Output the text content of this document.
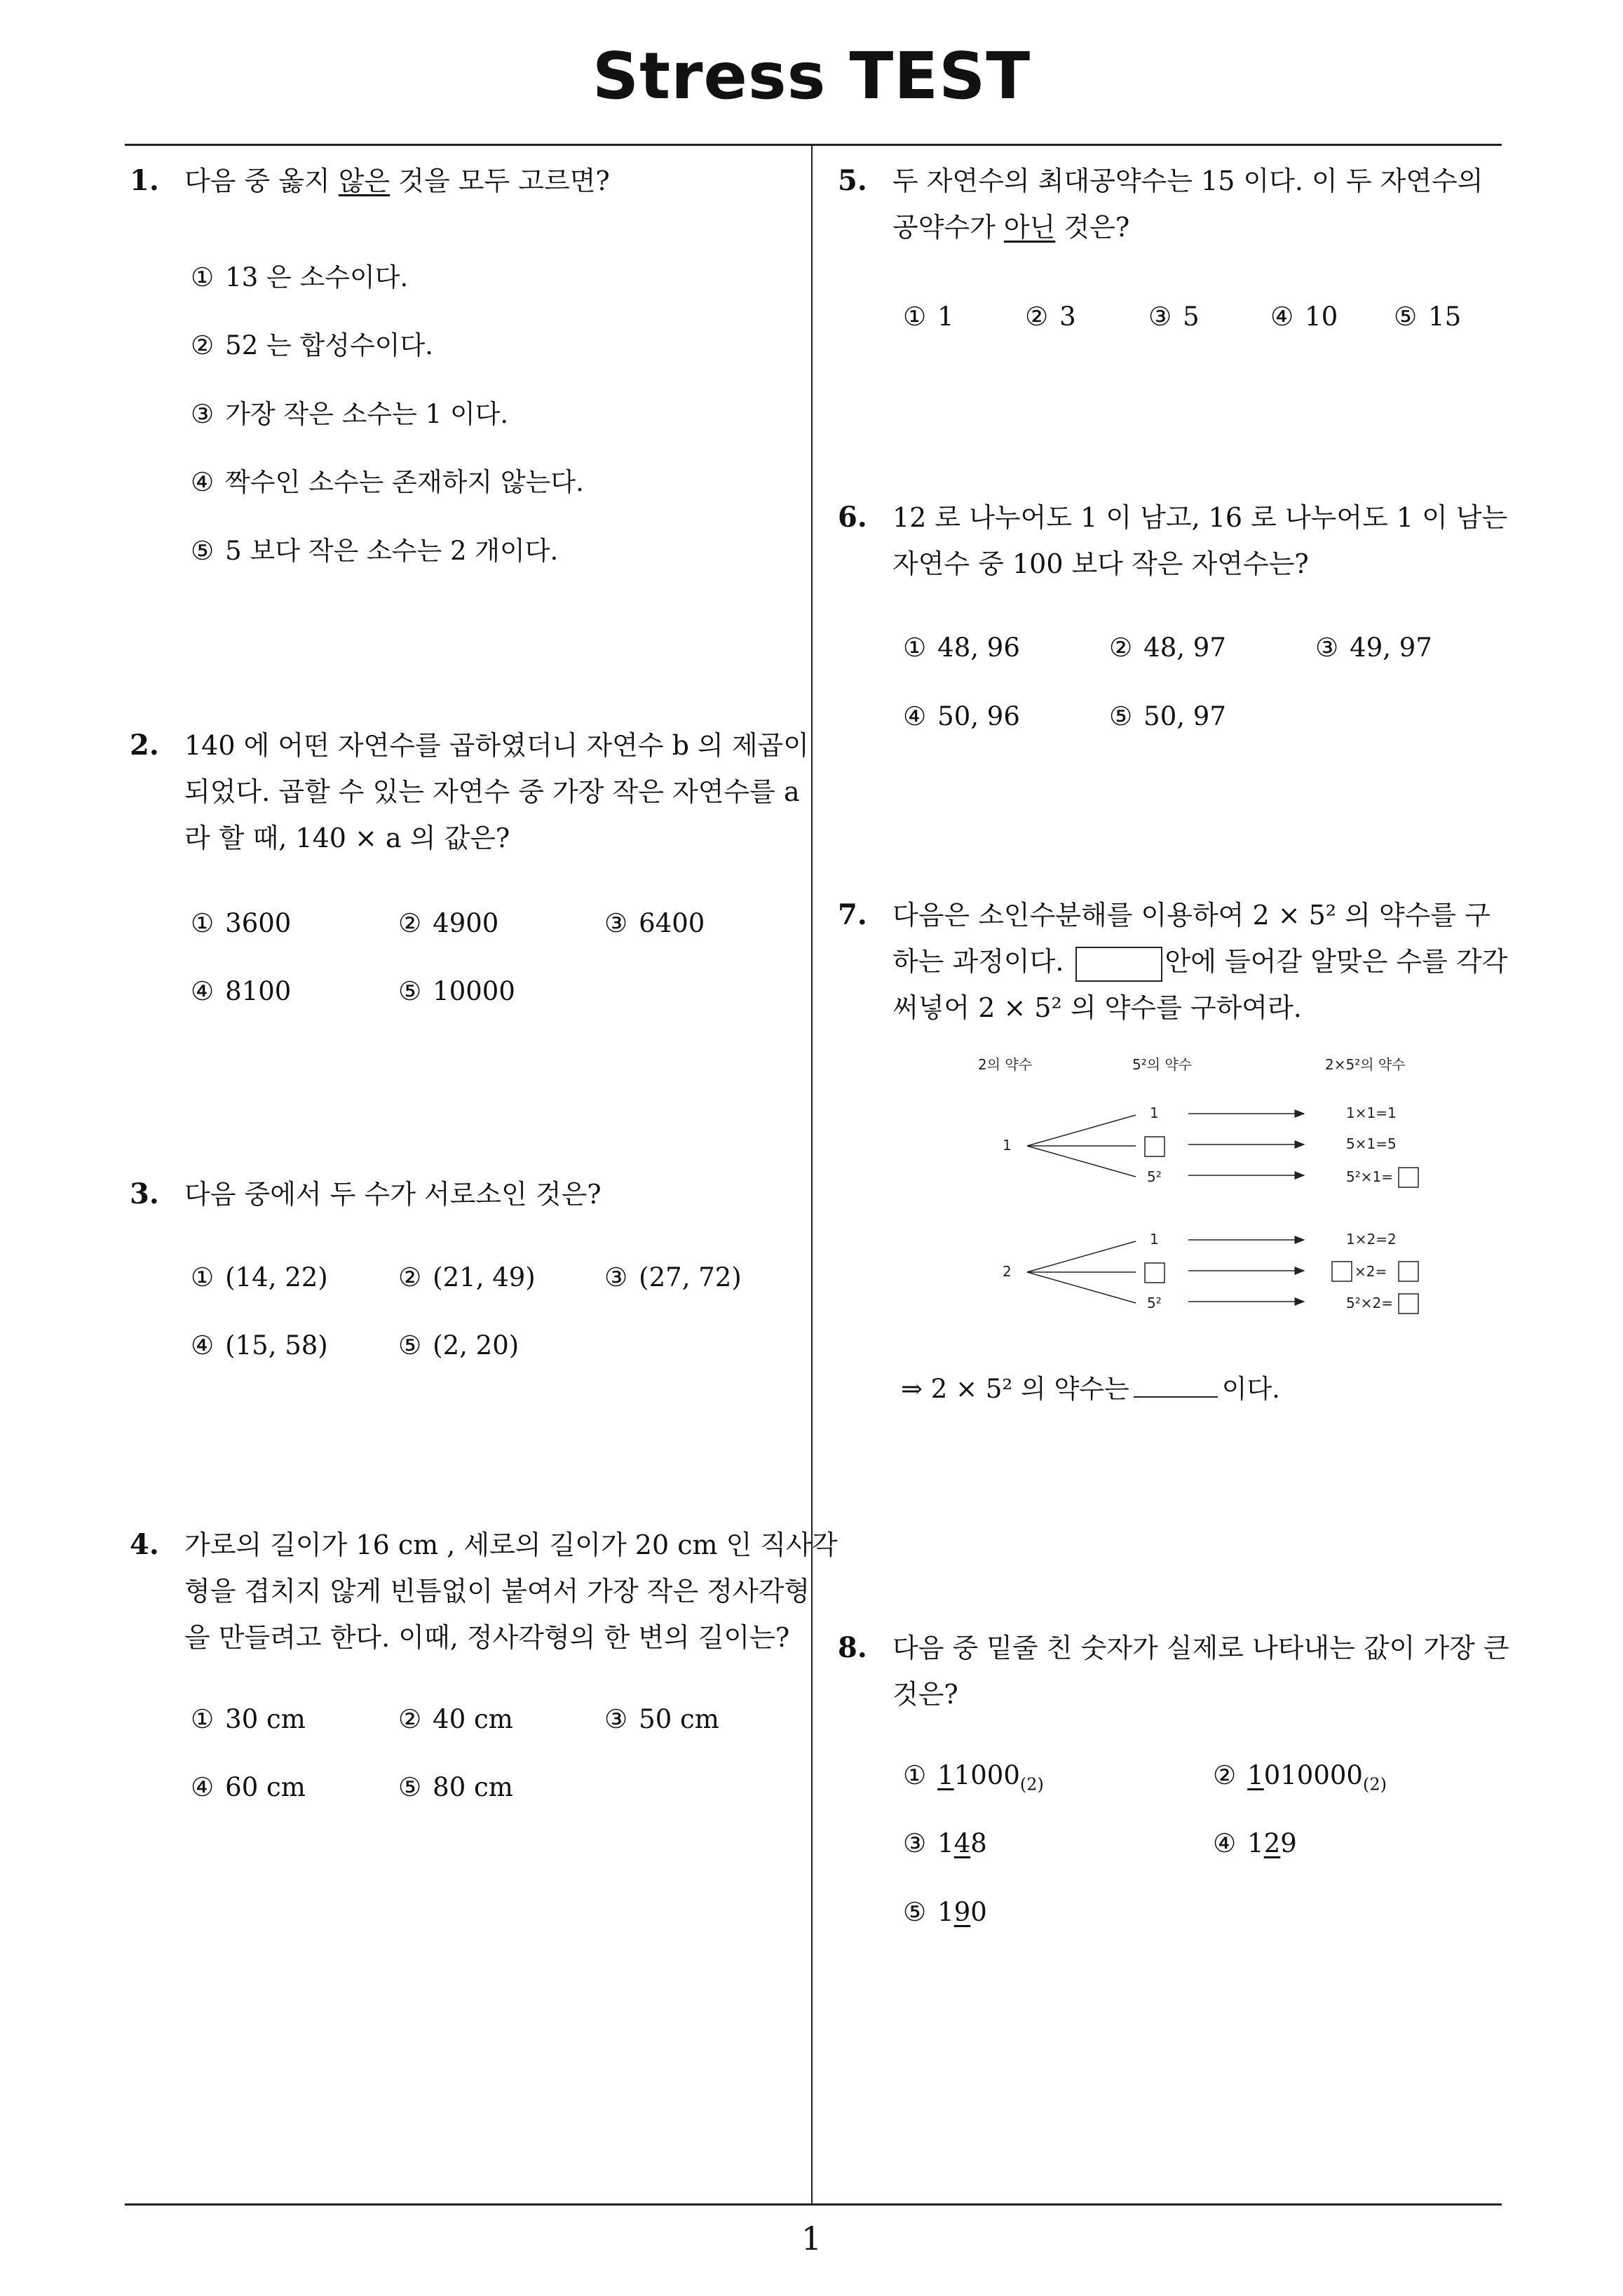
Stress TEST
1
1. 다음 중 옳지 않은 것을 모두 고르면?
① 13 은 소수이다.
② 52 는 합성수이다.
③ 가장 작은 소수는 1 이다.
④ 짝수인 소수는 존재하지 않는다.
⑤ 5 보다 작은 소수는 2 개이다.
2. 140 에 어떤 자연수를 곱하였더니 자연수 b 의 제곱이
되었다. 곱할 수 있는 자연수 중 가장 작은 자연수를 a
라 할 때, 140 × a 의 값은?
① 3600	② 4900	③ 6400
④ 8100	⑤ 10000
3. 다음 중에서 두 수가 서로소인 것은?
① (14, 22)	② (21, 49)	③ (27, 72)
④ (15, 58)	⑤ (2, 20)
4. 가로의 길이가 16 cm , 세로의 길이가 20 cm 인 직사각
형을 겹치지 않게 빈틈없이 붙여서 가장 작은 정사각형
을 만들려고 한다. 이때, 정사각형의 한 변의 길이는?
① 30 cm	② 40 cm	③ 50 cm
④ 60 cm	⑤ 80 cm
5. 두 자연수의 최대공약수는 15 이다. 이 두 자연수의
공약수가 아닌 것은?
① 1	② 3	③ 5	④ 10 ⑤ 15
6. 12 로 나누어도 1 이 남고, 16 로 나누어도 1 이 남는
자연수 중 100 보다 작은 자연수는?
① 48, 96	② 48, 97	③ 49, 97
④ 50, 96	⑤ 50, 97
7. 다음은 소인수분해를 이용하여 2 × 5² 의 약수를 구
하는 과정이다.	안에 들어갈 알맞은 수를 각각
써넣어 2 × 5² 의 약수를 구하여라.
2의 약수	5²의 약수	2×5²의 약수
1
1
5²
1×1=1
5×1=5
5²×1=
2
1
5²
1×2=2
×2=
5²×2=
⇒ 2 × 5² 의 약수는	이다.
8. 다음 중 밑줄 친 숫자가 실제로 나타내는 값이 가장 큰
것은?
① $11000_{(2)}$	② $1010000_{(2)}$
③ 148	④ 129
⑤ 190
